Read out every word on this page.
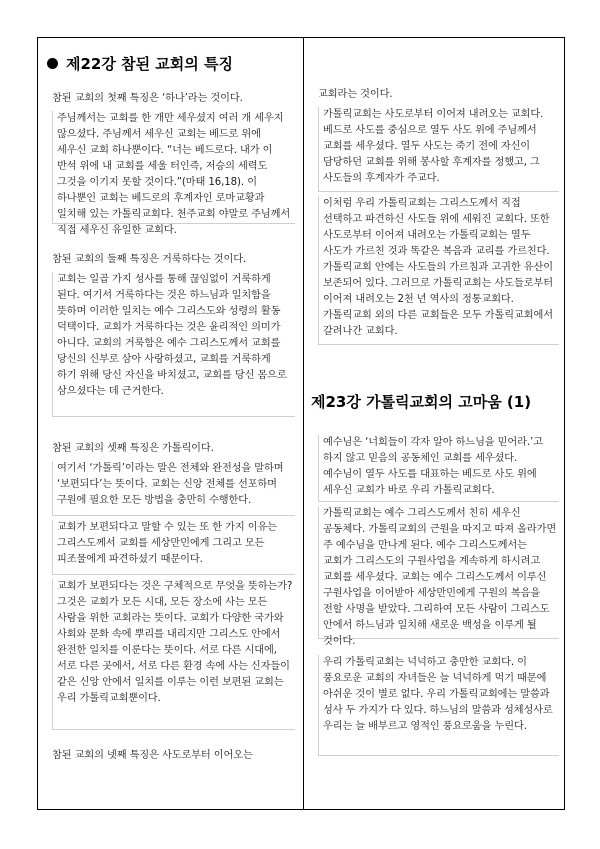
제22강 참된 교회의 특징
참된 교회의 첫째 특징은 ‘하나’라는 것이다.
주님께서는 교회를 한 개만 세우셨지 여러 개 세우지 않으셨다. 주님께서 세우신 교회는 베드로 위에 세우신 교회 하나뿐이다. “너는 베드로다. 내가 이 반석 위에 내 교회를 세울 터인즉, 저승의 세력도 그것을 이기지 못할 것이다.”(마태 16,18). 이 하나뿐인 교회는 베드로의 후계자인 로마교황과 일치해 있는 가톨릭교회다. 천주교회 야말로 주님께서 직접 세우신 유일한 교회다.
참된 교회의 둘째 특징은 거룩하다는 것이다.
교회는 일곱 가지 성사를 통해 끊임없이 거룩하게 된다. 여기서 거룩하다는 것은 하느님과 일치함을 뜻하며 이러한 일치는 예수 그리스도와 성령의 활동 덕택이다. 교회가 거룩하다는 것은 윤리적인 의미가 아니다. 교회의 거룩함은 예수 그리스도께서 교회를 당신의 신부로 삼아 사랑하셨고, 교회를 거룩하게 하기 위해 당신 자신을 바치셨고, 교회를 당신 몸으로 삼으셨다는 데 근거한다.
참된 교회의 셋째 특징은 가톨릭이다.
여기서 ‘가톨릭’이라는 말은 전체와 완전성을 말하며 ‘보편되다’는 뜻이다. 교회는 신앙 전체를 선포하며 구원에 필요한 모든 방법을 충만히 수행한다.
교회가 보편되다고 말할 수 있는 또 한 가지 이유는 그리스도께서 교회를 세상만민에게 그리고 모든 피조물에게 파견하셨기 때문이다.
교회가 보편되다는 것은 구체적으로 무엇을 뜻하는가? 그것은 교회가 모든 시대, 모든 장소에 사는 모든 사람을 위한 교회라는 뜻이다. 교회가 다양한 국가와 사회와 문화 속에 뿌리를 내리지만 그리스도 안에서 완전한 일치를 이룬다는 뜻이다. 서로 다른 시대에, 서로 다른 곳에서, 서로 다른 환경 속에 사는 신자들이 같은 신앙 안에서 일치를 이루는 이런 보편된 교회는 우리 가톨릭교회뿐이다.
참된 교회의 넷째 특징은 사도로부터 이어오는
교회라는 것이다.
가톨릭교회는 사도로부터 이어져 내려오는 교회다. 베드로 사도를 중심으로 열두 사도 위에 주님께서 교회를 세우셨다. 열두 사도는 죽기 전에 자신이 담당하던 교회를 위해 봉사할 후계자를 정했고, 그 사도들의 후계자가 주교다.
이처럼 우리 가톨릭교회는 그리스도께서 직접 선택하고 파견하신 사도들 위에 세워진 교회다. 또한 사도로부터 이어져 내려오는 가톨릭교회는 열두 사도가 가르친 것과 똑같은 복음과 교리를 가르친다. 가톨릭교회 안에는 사도들의 가르침과 고귀한 유산이 보존되어 있다. 그러므로 가톨릭교회는 사도들로부터 이어져 내려오는 2천 년 역사의 정통교회다. 가톨릭교회 외의 다른 교회들은 모두 가톨릭교회에서 갈려나간 교회다.
제23강 가톨릭교회의 고마움 (1)
예수님은 ‘너희들이 각자 알아 하느님을 믿어라.’고 하지 않고 믿음의 공동체인 교회를 세우셨다. 예수님이 열두 사도를 대표하는 베드로 사도 위에 세우신 교회가 바로 우리 가톨릭교회다.
가톨릭교회는 예수 그리스도께서 친히 세우신 공동체다. 가톨릭교회의 근원을 따지고 따져 올라가면 주 예수님을 만나게 된다. 예수 그리스도께서는 교회가 그리스도의 구원사업을 계속하게 하시려고 교회를 세우셨다. 교회는 예수 그리스도께서 이루신 구원사업을 이어받아 세상만민에게 구원의 복음을 전할 사명을 받았다. 그리하여 모든 사람이 그리스도 안에서 하느님과 일치해 새로운 백성을 이루게 될 것이다.
우리 가톨릭교회는 넉넉하고 충만한 교회다. 이 풍요로운 교회의 자녀들은 늘 넉넉하게 먹기 때문에 아쉬운 것이 별로 없다. 우리 가톨릭교회에는 말씀과 성사 두 가지가 다 있다. 하느님의 말씀과 성체성사로 우리는 늘 배부르고 영적인 풍요로움을 누린다.
